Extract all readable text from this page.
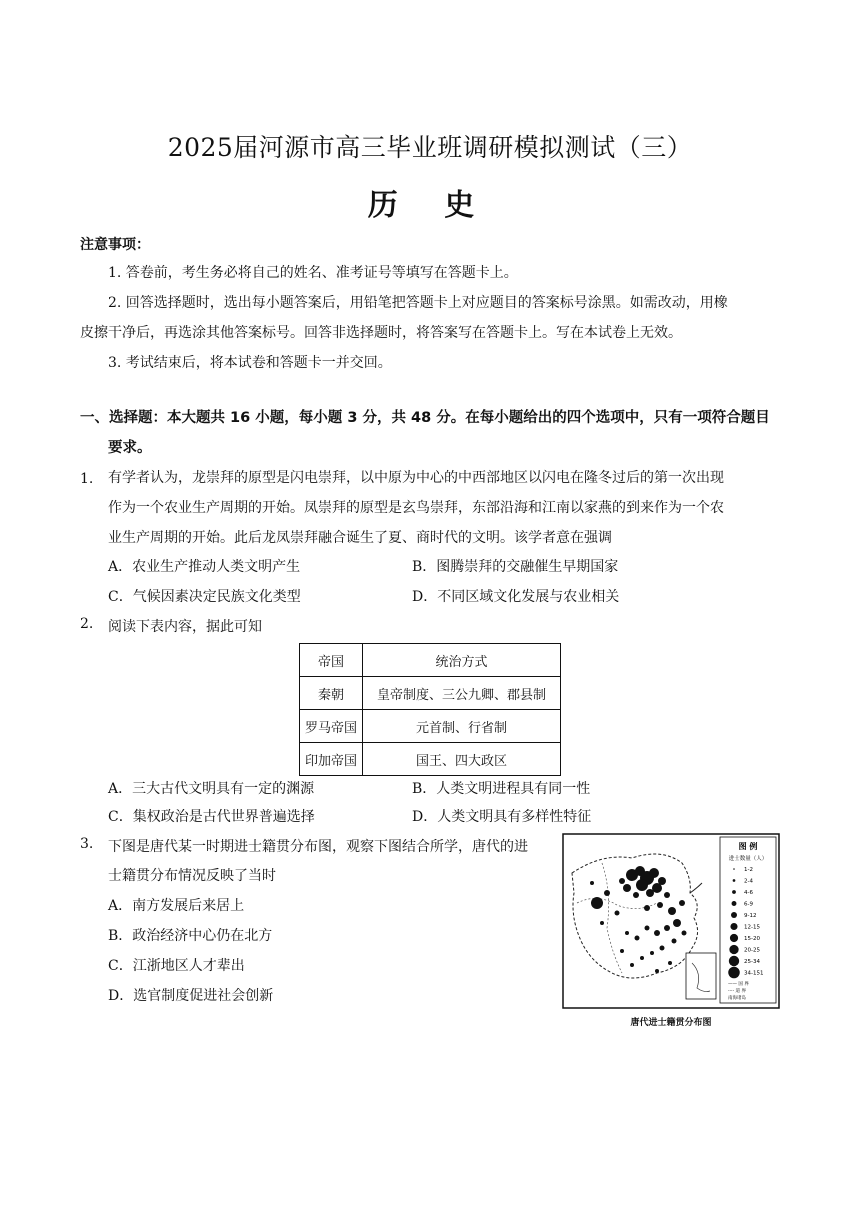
2025届河源市高三毕业班调研模拟测试（三）
历 史
注意事项：
1. 答卷前，考生务必将自己的姓名、准考证号等填写在答题卡上。
2. 回答选择题时，选出每小题答案后，用铅笔把答题卡上对应题目的答案标号涂黑。如需改动，用橡
皮擦干净后，再选涂其他答案标号。回答非选择题时，将答案写在答题卡上。写在本试卷上无效。
3. 考试结束后，将本试卷和答题卡一并交回。
一、选择题：本大题共 16 小题，每小题 3 分，共 48 分。在每小题给出的四个选项中，只有一项符合题目
要求。
1. 有学者认为，龙崇拜的原型是闪电崇拜，以中原为中心的中西部地区以闪电在隆冬过后的第一次出现
作为一个农业生产周期的开始。凤崇拜的原型是玄鸟崇拜，东部沿海和江南以家燕的到来作为一个农
业生产周期的开始。此后龙凤崇拜融合诞生了夏、商时代的文明。该学者意在强调
A．农业生产推动人类文明产生	B．图腾崇拜的交融催生早期国家
C．气候因素决定民族文化类型	D．不同区域文化发展与农业相关
2. 阅读下表内容，据此可知
帝国	统治方式
秦朝	皇帝制度、三公九卿、郡县制
罗马帝国	元首制、行省制
印加帝国	国王、四大政区
A．三大古代文明具有一定的渊源	B．人类文明进程具有同一性
C．集权政治是古代世界普遍选择	D．人类文明具有多样性特征
3. 下图是唐代某一时期进士籍贯分布图，观察下图结合所学，唐代的进
士籍贯分布情况反映了当时
A．南方发展后来居上
B．政治经济中心仍在北方
C．江浙地区人才辈出
D．选官制度促进社会创新
图 例
进士数量（人）
1-2
2-4
4-6
6-9
9-12
12-15
15-20
20-25
25-34
34-151
—— 国 界
-··- 道 界
南海诸岛
唐代进士籍贯分布图
